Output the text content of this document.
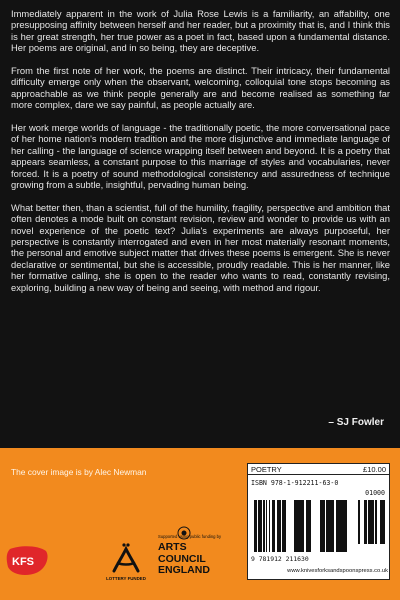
Immediately apparent in the work of Julia Rose Lewis is a familiarity, an affability, one presupposing affinity between herself and her reader, but a proximity that is, and I think this is her great strength, her true power as a poet in fact, based upon a fundamental distance. Her poems are original, and in so being, they are deceptive.

From the first note of her work, the poems are distinct. Their intricacy, their fundamental difficulty emerge only when the observant, welcoming, colloquial tone stops becoming as approachable as we think people generally are and become realised as something far more complex, dare we say painful, as people actually are.

Her work merge worlds of language - the traditionally poetic, the more conversational pace of her home nation's modern tradition and the more disjunctive and immediate language of her calling - the language of science wrapping itself between and beyond. It is a poetry that appears seamless, a constant purpose to this marriage of styles and vocabularies, never forced. It is a poetry of sound methodological consistency and assuredness of technique growing from a subtle, insightful, pervading human being.

What better then, than a scientist, full of the humility, fragility, perspective and ambition that often denotes a mode built on constant revision, review and wonder to provide us with an novel experience of the poetic text? Julia's experiments are always purposeful, her perspective is constantly interrogated and even in her most materially resonant moments, the personal and emotive subject matter that drives these poems is emergent. She is never declarative or sentimental, but she is accessible, proudly readable. This is her manner, like her formative calling, she is open to the reader who wants to read, constantly revising, exploring, building a new way of being and seeing, with method and rigour.

– SJ Fowler
The cover image is by Alec Newman
KFS
LOTTERY FUNDED
Supported using public funding by
ARTS COUNCIL
ENGLAND
POETRY	£10.00
ISBN 978-1-912211-63-0
01000
9 781912 211630
www.knivesforksandspoonspress.co.uk
